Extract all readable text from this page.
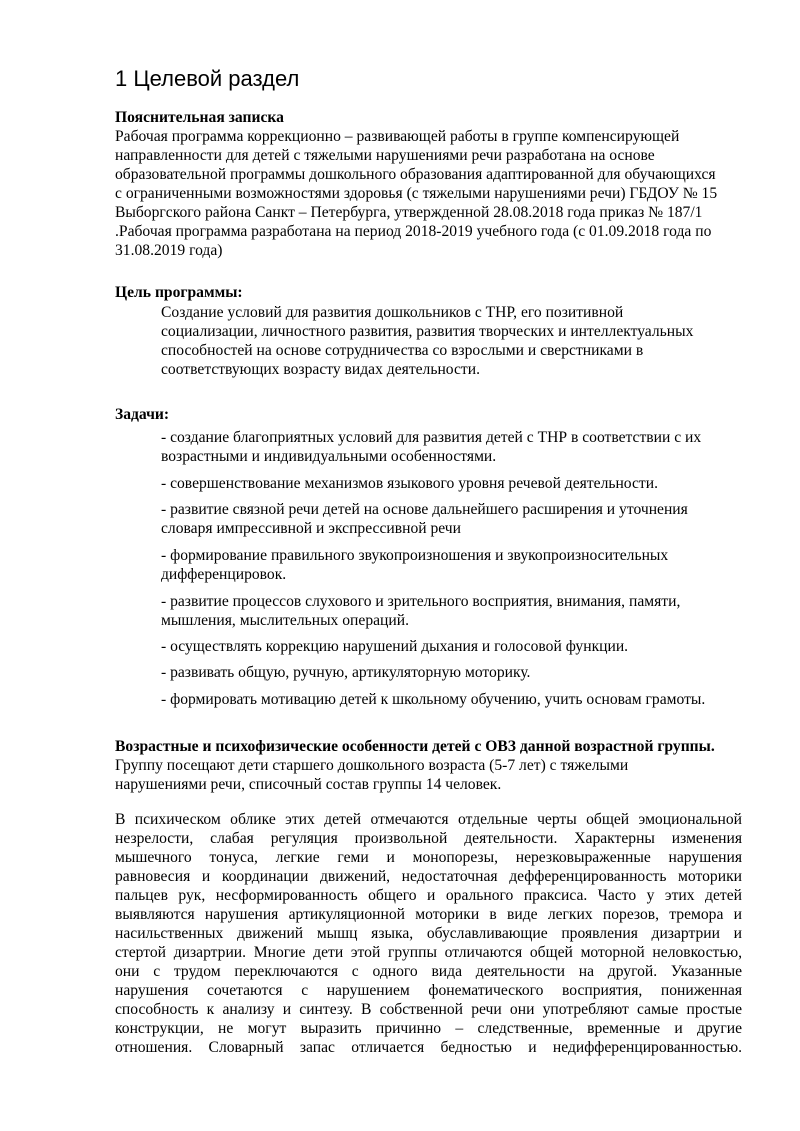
1 Целевой раздел
Пояснительная записка
Рабочая программа коррекционно – развивающей работы в группе компенсирующей
направленности для детей с тяжелыми нарушениями речи разработана на основе
образовательной программы дошкольного образования адаптированной для обучающихся
с ограниченными возможностями здоровья (с тяжелыми нарушениями речи) ГБДОУ № 15
Выборгского района Санкт – Петербурга, утвержденной 28.08.2018 года приказ № 187/1
.Рабочая программа разработана на период 2018-2019 учебного года (с 01.09.2018 года по
31.08.2019 года)
Цель программы:
Создание условий для развития дошкольников с ТНР, его позитивной
социализации, личностного развития, развития творческих и интеллектуальных
способностей на основе сотрудничества со взрослыми и сверстниками в
соответствующих возрасту видах деятельности.
Задачи:

- создание благоприятных условий для развития детей с ТНР в соответствии с их
возрастными и индивидуальными особенностями.

- совершенствование механизмов языкового уровня речевой деятельности.

- развитие связной речи детей на основе дальнейшего расширения и уточнения
словаря импрессивной и экспрессивной речи

- формирование правильного звукопроизношения и звукопроизносительных
дифференцировок.

- развитие процессов слухового и зрительного восприятия, внимания, памяти,
мышления, мыслительных операций.

- осуществлять коррекцию нарушений дыхания и голосовой функции.

- развивать общую, ручную, артикуляторную моторику.

- формировать мотивацию детей к школьному обучению, учить основам грамоты.

Возрастные и психофизические особенности детей с ОВЗ данной возрастной группы.
Группу посещают дети старшего дошкольного возраста (5-7 лет) с тяжелыми
нарушениями речи, списочный состав группы 14 человек.
В психическом облике этих детей отмечаются отдельные черты общей эмоциональной
незрелости, слабая регуляция произвольной деятельности. Характерны изменения
мышечного тонуса, легкие геми и монопорезы, нерезковыраженные нарушения
равновесия и координации движений, недостаточная дефференцированность моторики
пальцев рук, несформированность общего и орального праксиса. Часто у этих детей
выявляются нарушения артикуляционной моторики в виде легких порезов, тремора и
насильственных движений мышц языка, обуславливающие проявления дизартрии и
стертой дизартрии. Многие дети этой группы отличаются общей моторной неловкостью,
они с трудом переключаются с одного вида деятельности на другой. Указанные
нарушения сочетаются с нарушением фонематического восприятия, пониженная
способность к анализу и синтезу. В собственной речи они употребляют самые простые
конструкции, не могут выразить причинно – следственные, временные и другие
отношения. Словарный запас отличается бедностью и недифференцированностью.
